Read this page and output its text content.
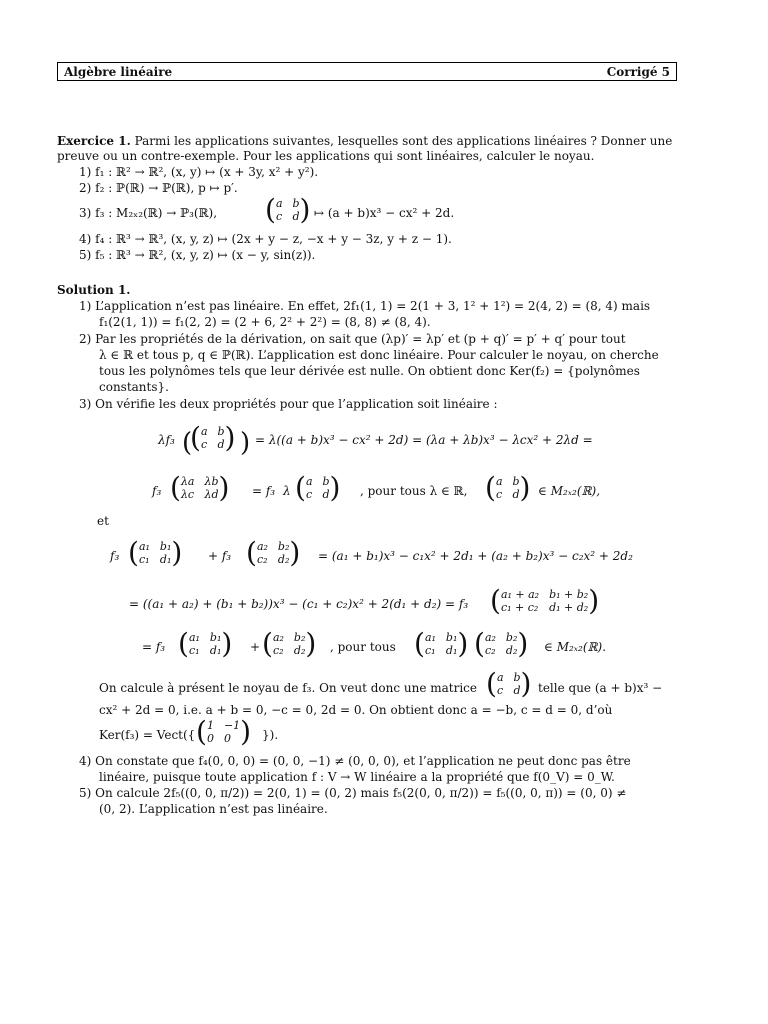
Algèbre linéaire	Corrigé 5
Exercice 1. Parmi les applications suivantes, lesquelles sont des applications linéaires ? Donner une
preuve ou un contre-exemple. Pour les applications qui sont linéaires, calculer le noyau.
1) f₁ : ℝ² → ℝ², (x, y) ↦ (x + 3y, x² + y²).
2) f₂ : ℙ(ℝ) → ℙ(ℝ), p ↦ p′.
3) f₃ : M₂ₓ₂(ℝ) → ℙ₃(ℝ), ( a b
c d ) ↦ (a + b)x³ − cx² + 2d.
4) f₄ : ℝ³ → ℝ³, (x, y, z) ↦ (2x + y − z, −x + y − 3z, y + z − 1).
5) f₅ : ℝ³ → ℝ², (x, y, z) ↦ (x − y, sin(z)).
Solution 1.
1) L’application n’est pas linéaire. En effet, 2f₁(1, 1) = 2(1 + 3, 1² + 1²) = 2(4, 2) = (8, 4) mais
f₁(2(1, 1)) = f₁(2, 2) = (2 + 6, 2² + 2²) = (8, 8) ≠ (8, 4).
2) Par les propriétés de la dérivation, on sait que (λp)′ = λp′ et (p + q)′ = p′ + q′ pour tout
λ ∈ ℝ et tous p, q ∈ ℙ(ℝ). L’application est donc linéaire. Pour calculer le noyau, on cherche
tous les polynômes tels que leur dérivée est nulle. On obtient donc Ker(f₂) = {polynômes
constants}.
3) On vérifie les deux propriétés pour que l’application soit linéaire :
λf₃ (
( a b
c d ) ) = λ((a + b)x³ − cx² + 2d) = (λa + λb)x³ − λcx² + 2λd =
f₃ ( λa λb
λc λd ) = f₃ λ ( a b
c d ) , pour tous λ ∈ ℝ, ( a b
c d ) ∈ M₂ₓ₂(ℝ),
et
f₃ ( a₁ b₁
c₁ d₁ ) + f₃ ( a₂ b₂
c₂ d₂ ) = (a₁ + b₁)x³ − c₁x² + 2d₁ + (a₂ + b₂)x³ − c₂x² + 2d₂
= ((a₁ + a₂) + (b₁ + b₂))x³ − (c₁ + c₂)x² + 2(d₁ + d₂) = f₃ ( a₁ + a₂ b₁ + b₂
c₁ + c₂ d₁ + d₂ )
= f₃ ( a₁ b₁
c₁ d₁ ) + ( a₂ b₂
c₂ d₂ ) , pour tous ( a₁ b₁
c₁ d₁ ) ( a₂ b₂
c₂ d₂ ) ∈ M₂ₓ₂(ℝ).
On calcule à présent le noyau de f₃. On veut donc une matrice ( a b
c d ) telle que (a + b)x³ −
cx² + 2d = 0, i.e. a + b = 0, −c = 0, 2d = 0. On obtient donc a = −b, c = d = 0, d’où
Ker(f₃) = Vect({ ( 1 −1
0 0 ) }).
4) On constate que f₄(0, 0, 0) = (0, 0, −1) ≠ (0, 0, 0), et l’application ne peut donc pas être
linéaire, puisque toute application f : V → W linéaire a la propriété que f(0_V) = 0_W.
5) On calcule 2f₅((0, 0, π/2)) = 2(0, 1) = (0, 2) mais f₅(2(0, 0, π/2)) = f₅((0, 0, π)) = (0, 0) ≠
(0, 2). L’application n’est pas linéaire.
